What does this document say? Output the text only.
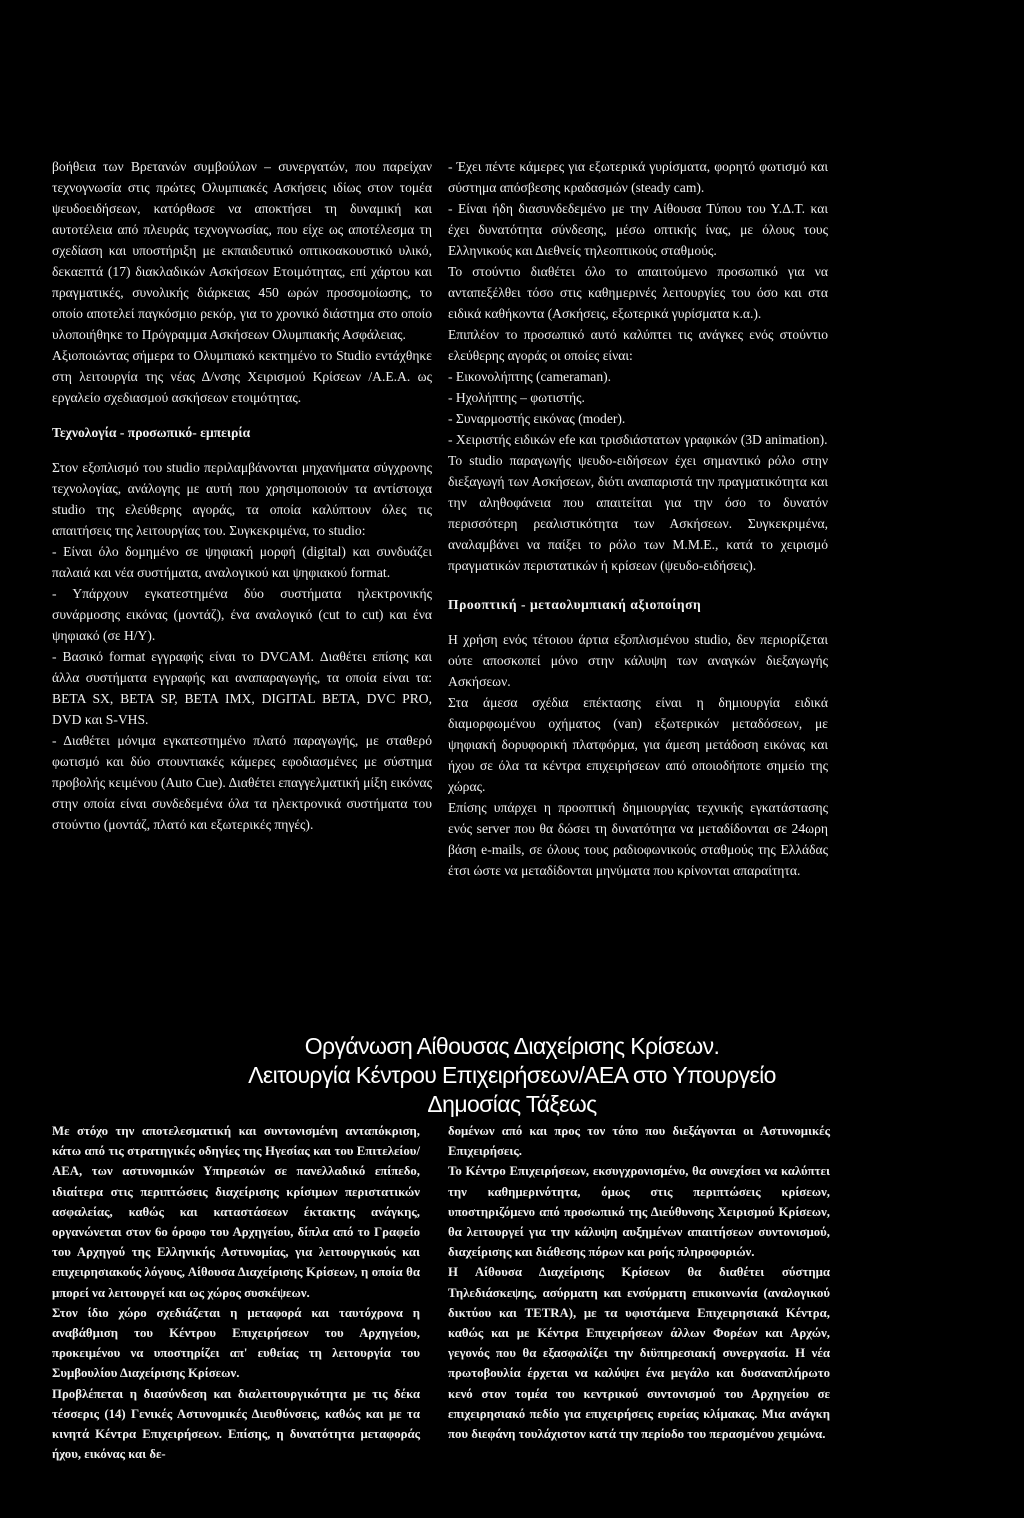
βοήθεια των Βρετανών συμβούλων – συνεργατών, που παρείχαν τεχνογνωσία στις πρώτες Ολυμπιακές Ασκήσεις ιδίως στον τομέα ψευδοειδήσεων, κατόρθωσε να αποκτήσει τη δυναμική και αυτοτέλεια από πλευράς τεχνογνωσίας, που είχε ως αποτέλεσμα τη σχεδίαση και υποστήριξη με εκπαιδευτικό οπτικοακουστικό υλικό, δεκαεπτά (17) διακλαδικών Ασκήσεων Ετοιμότητας, επί χάρτου και πραγματικές, συνολικής διάρκειας 450 ωρών προσομοίωσης, το οποίο αποτελεί παγκόσμιο ρεκόρ, για το χρονικό διάστημα στο οποίο υλοποιήθηκε το Πρόγραμμα Ασκήσεων Ολυμπιακής Ασφάλειας.

Αξιοποιώντας σήμερα το Ολυμπιακό κεκτημένο το Studio εντάχθηκε στη λειτουργία της νέας Δ/νσης Χειρισμού Κρίσεων /Α.Ε.Α. ως εργαλείο σχεδιασμού ασκήσεων ετοιμότητας.

Τεχνολογία - προσωπικό- εμπειρία

Στον εξοπλισμό του studio περιλαμβάνονται μηχανήματα σύγχρονης τεχνολογίας, ανάλογης με αυτή που χρησιμοποιούν τα αντίστοιχα studio της ελεύθερης αγοράς, τα οποία καλύπτουν όλες τις απαιτήσεις της λειτουργίας του. Συγκεκριμένα, το studio:

- Είναι όλο δομημένο σε ψηφιακή μορφή (digital) και συνδυάζει παλαιά και νέα συστήματα, αναλογικού και ψηφιακού format.

- Υπάρχουν εγκατεστημένα δύο συστήματα ηλεκτρονικής συνάρμοσης εικόνας (μοντάζ), ένα αναλογικό (cut to cut) και ένα ψηφιακό (σε H/Y).

- Βασικό format εγγραφής είναι το DVCAM. Διαθέτει επίσης και άλλα συστήματα εγγραφής και αναπαραγωγής, τα οποία είναι τα: BETA SX, BETA SP, BETA IMX, DIGITAL BETA, DVC PRO, DVD και S-VHS.

- Διαθέτει μόνιμα εγκατεστημένο πλατό παραγωγής, με σταθερό φωτισμό και δύο στουντιακές κάμερες εφοδιασμένες με σύστημα προβολής κειμένου (Auto Cue). Διαθέτει επαγγελματική μίξη εικόνας στην οποία είναι συνδεδεμένα όλα τα ηλεκτρονικά συστήματα του στούντιο (μοντάζ, πλατό και εξωτερικές πηγές).

- Έχει πέντε κάμερες για εξωτερικά γυρίσματα, φορητό φωτισμό και σύστημα απόσβεσης κραδασμών (steady cam).

- Είναι ήδη διασυνδεδεμένο με την Αίθουσα Τύπου του Υ.Δ.Τ. και έχει δυνατότητα σύνδεσης, μέσω οπτικής ίνας, με όλους τους Ελληνικούς και Διεθνείς τηλεοπτικούς σταθμούς.

Το στούντιο διαθέτει όλο το απαιτούμενο προσωπικό για να ανταπεξέλθει τόσο στις καθημερινές λειτουργίες του όσο και στα ειδικά καθήκοντα (Ασκήσεις, εξωτερικά γυρίσματα κ.α.).

Επιπλέον το προσωπικό αυτό καλύπτει τις ανάγκες ενός στούντιο ελεύθερης αγοράς οι οποίες είναι:

- Εικονολήπτης (cameraman).

- Ηχολήπτης – φωτιστής.

- Συναρμοστής εικόνας (moder).

- Χειριστής ειδικών efe και τρισδιάστατων γραφικών (3D animation).

Το studio παραγωγής ψευδο-ειδήσεων έχει σημαντικό ρόλο στην διεξαγωγή των Ασκήσεων, διότι αναπαριστά την πραγματικότητα και την αληθοφάνεια που απαιτείται για την όσο το δυνατόν περισσότερη ρεαλιστικότητα των Ασκήσεων. Συγκεκριμένα, αναλαμβάνει να παίξει το ρόλο των Μ.Μ.Ε., κατά το χειρισμό πραγματικών περιστατικών ή κρίσεων (ψευδο-ειδήσεις).

Προοπτική - μεταολυμπιακή αξιοποίηση

Η χρήση ενός τέτοιου άρτια εξοπλισμένου studio, δεν περιορίζεται ούτε αποσκοπεί μόνο στην κάλυψη των αναγκών διεξαγωγής Ασκήσεων.

Στα άμεσα σχέδια επέκτασης είναι η δημιουργία ειδικά διαμορφωμένου οχήματος (van) εξωτερικών μεταδόσεων, με ψηφιακή δορυφορική πλατφόρμα, για άμεση μετάδοση εικόνας και ήχου σε όλα τα κέντρα επιχειρήσεων από οποιοδήποτε σημείο της χώρας.

Επίσης υπάρχει η προοπτική δημιουργίας τεχνικής εγκατάστασης ενός server που θα δώσει τη δυνατότητα να μεταδίδονται σε 24ωρη βάση e-mails, σε όλους τους ραδιοφωνικούς σταθμούς της Ελλάδας έτσι ώστε να μεταδίδονται μηνύματα που κρίνονται απαραίτητα.

Οργάνωση Αίθουσας Διαχείρισης Κρίσεων.

Λειτουργία Κέντρου Επιχειρήσεων/ΑΕΑ στο Υπουργείο

Δημοσίας Τάξεως

Με στόχο την αποτελεσματική και συντονισμένη ανταπόκριση, κάτω από τις στρατηγικές οδηγίες της Ηγεσίας και του Επιτελείου/ΑΕΑ, των αστυνομικών Υπηρεσιών σε πανελλαδικό επίπεδο, ιδιαίτερα στις περιπτώσεις διαχείρισης κρίσιμων περιστατικών ασφαλείας, καθώς και καταστάσεων έκτακτης ανάγκης, οργανώνεται στον 6ο όροφο του Αρχηγείου, δίπλα από το Γραφείο του Αρχηγού της Ελληνικής Αστυνομίας, για λειτουργικούς και επιχειρησιακούς λόγους, Αίθουσα Διαχείρισης Κρίσεων, η οποία θα μπορεί να λειτουργεί και ως χώρος συσκέψεων.

Στον ίδιο χώρο σχεδιάζεται η μεταφορά και ταυτόχρονα η αναβάθμιση του Κέντρου Επιχειρήσεων του Αρχηγείου, προκειμένου να υποστηρίζει απ' ευθείας τη λειτουργία του Συμβουλίου Διαχείρισης Κρίσεων.

Προβλέπεται η διασύνδεση και διαλειτουργικότητα με τις δέκα τέσσερις (14) Γενικές Αστυνομικές Διευθύνσεις, καθώς και με τα κινητά Κέντρα Επιχειρήσεων. Επίσης, η δυνατότητα μεταφοράς ήχου, εικόνας και δε-

δομένων από και προς τον τόπο που διεξάγονται οι Αστυνομικές Επιχειρήσεις.

Το Κέντρο Επιχειρήσεων, εκσυγχρονισμένο, θα συνεχίσει να καλύπτει την καθημερινότητα, όμως στις περιπτώσεις κρίσεων, υποστηριζόμενο από προσωπικό της Διεύθυνσης Χειρισμού Κρίσεων, θα λειτουργεί για την κάλυψη αυξημένων απαιτήσεων συντονισμού, διαχείρισης και διάθεσης πόρων και ροής πληροφοριών.

Η Αίθουσα Διαχείρισης Κρίσεων θα διαθέτει σύστημα Τηλεδιάσκεψης, ασύρματη και ενσύρματη επικοινωνία (αναλογικού δικτύου και TETRA), με τα υφιστάμενα Επιχειρησιακά Κέντρα, καθώς και με Κέντρα Επιχειρήσεων άλλων Φορέων και Αρχών, γεγονός που θα εξασφαλίζει την διϋπηρεσιακή συνεργασία. Η νέα πρωτοβουλία έρχεται να καλύψει ένα μεγάλο και δυσαναπλήρωτο κενό στον τομέα του κεντρικού συντονισμού του Αρχηγείου σε επιχειρησιακό πεδίο για επιχειρήσεις ευρείας κλίμακας. Μια ανάγκη που διεφάνη τουλάχιστον κατά την περίοδο του περασμένου χειμώνα.
